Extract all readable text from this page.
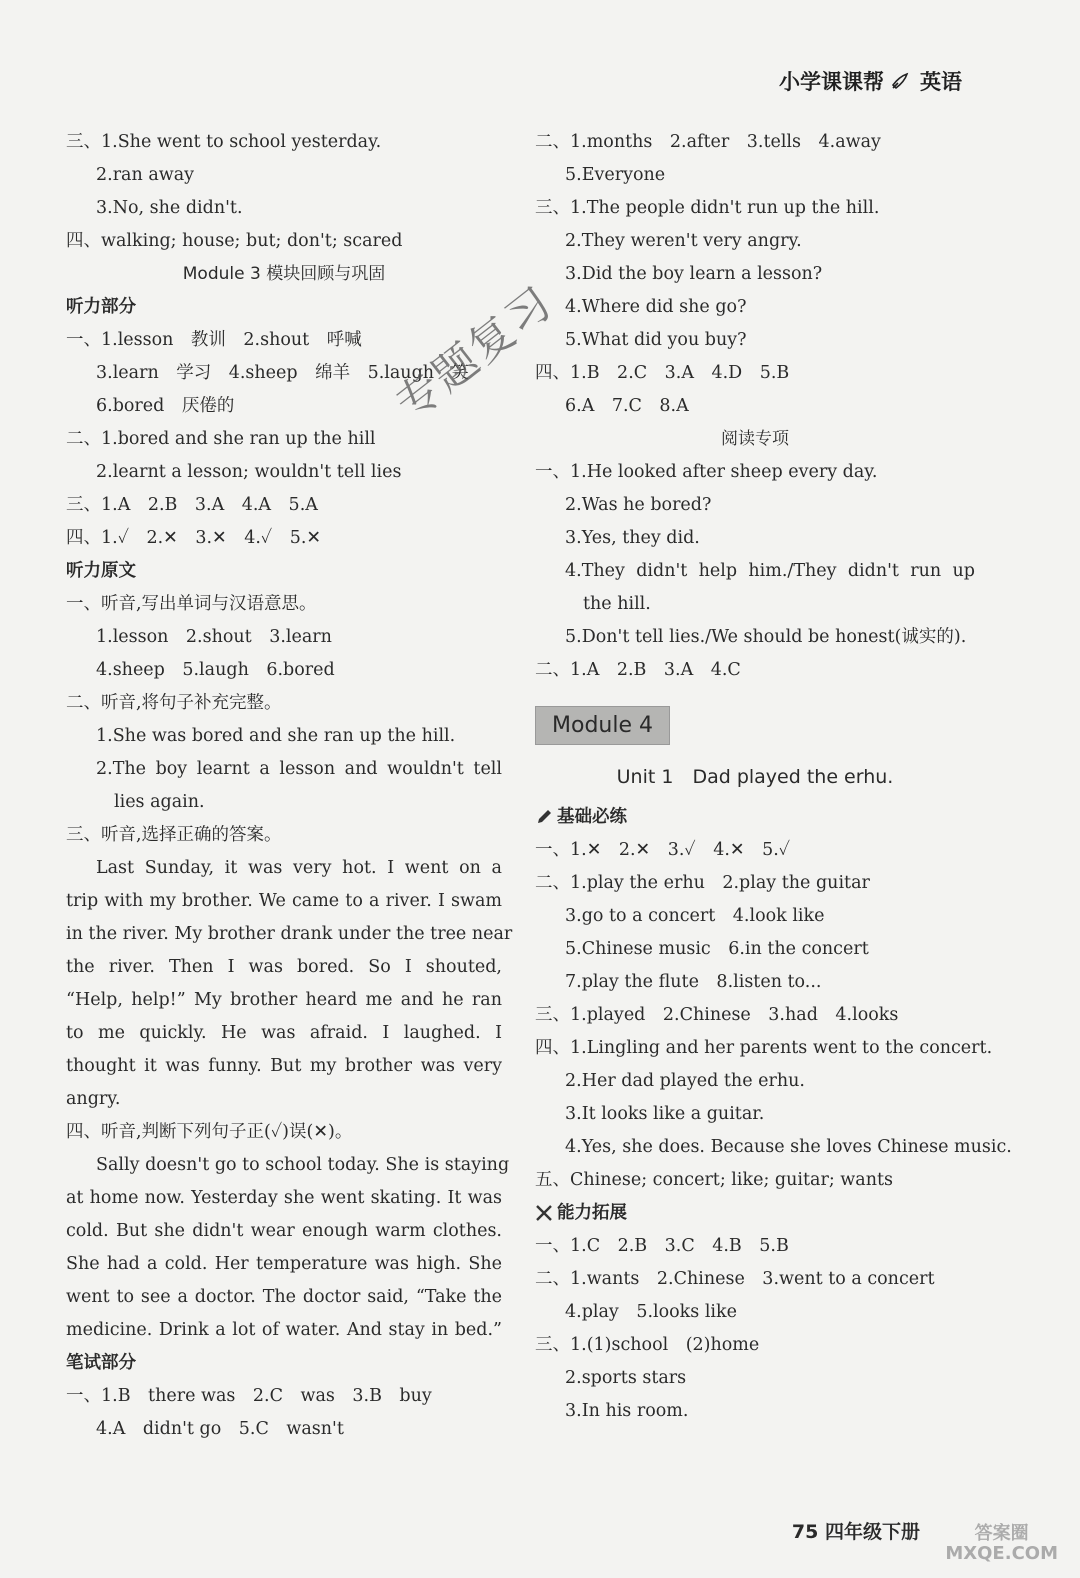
小学课课帮 英语
三、1.She went to school yesterday.
2.ran away
3.No, she didn't.
四、walking; house; but; don't; scared
Module 3 模块回顾与巩固
听力部分
一、1.lesson　教训　2.shout　呼喊
3.learn　学习　4.sheep　绵羊　5.laugh　笑
6.bored　厌倦的
二、1.bored and she ran up the hill
2.learnt a lesson; wouldn't tell lies
三、1.A　2.B　3.A　4.A　5.A
四、1.✓　2.✕　3.✕　4.✓　5.✕
听力原文
一、听音,写出单词与汉语意思。
1.lesson　2.shout　3.learn
4.sheep　5.laugh　6.bored
二、听音,将句子补充完整。
1.She was bored and she ran up the hill.
2.The boy learnt a lesson and wouldn't tell
lies again.
三、听音,选择正确的答案。
Last Sunday, it was very hot. I went on a
trip with my brother. We came to a river. I swam
in the river. My brother drank under the tree near
the river. Then I was bored. So I shouted,
“Help, help!” My brother heard me and he ran
to me quickly. He was afraid. I laughed. I
thought it was funny. But my brother was very
angry.
四、听音,判断下列句子正(✓)误(✕)。
Sally doesn't go to school today. She is staying
at home now. Yesterday she went skating. It was
cold. But she didn't wear enough warm clothes.
She had a cold. Her temperature was high. She
went to see a doctor. The doctor said, “Take the
medicine. Drink a lot of water. And stay in bed.”
笔试部分
一、1.B　there was　2.C　was　3.B　buy
4.A　didn't go　5.C　wasn't
二、1.months　2.after　3.tells　4.away
5.Everyone
三、1.The people didn't run up the hill.
2.They weren't very angry.
3.Did the boy learn a lesson?
4.Where did she go?
5.What did you buy?
四、1.B　2.C　3.A　4.D　5.B
6.A　7.C　8.A
阅读专项
一、1.He looked after sheep every day.
2.Was he bored?
3.Yes, they did.
4.They didn't help him./They didn't run up
the hill.
5.Don't tell lies./We should be honest(诚实的).
二、1.A　2.B　3.A　4.C
Module 4
Unit 1　Dad played the erhu.
基础必练
一、1.✕　2.✕　3.✓　4.✕　5.✓
二、1.play the erhu　2.play the guitar
3.go to a concert　4.look like
5.Chinese music　6.in the concert
7.play the flute　8.listen to...
三、1.played　2.Chinese　3.had　4.looks
四、1.Lingling and her parents went to the concert.
2.Her dad played the erhu.
3.It looks like a guitar.
4.Yes, she does. Because she loves Chinese music.
五、Chinese; concert; like; guitar; wants
能力拓展
一、1.C　2.B　3.C　4.B　5.B
二、1.wants　2.Chinese　3.went to a concert
4.play　5.looks like
三、1.(1)school　(2)home
2.sports stars
3.In his room.
专题复习
75 四年级下册	答案圈
MXQE.COM
